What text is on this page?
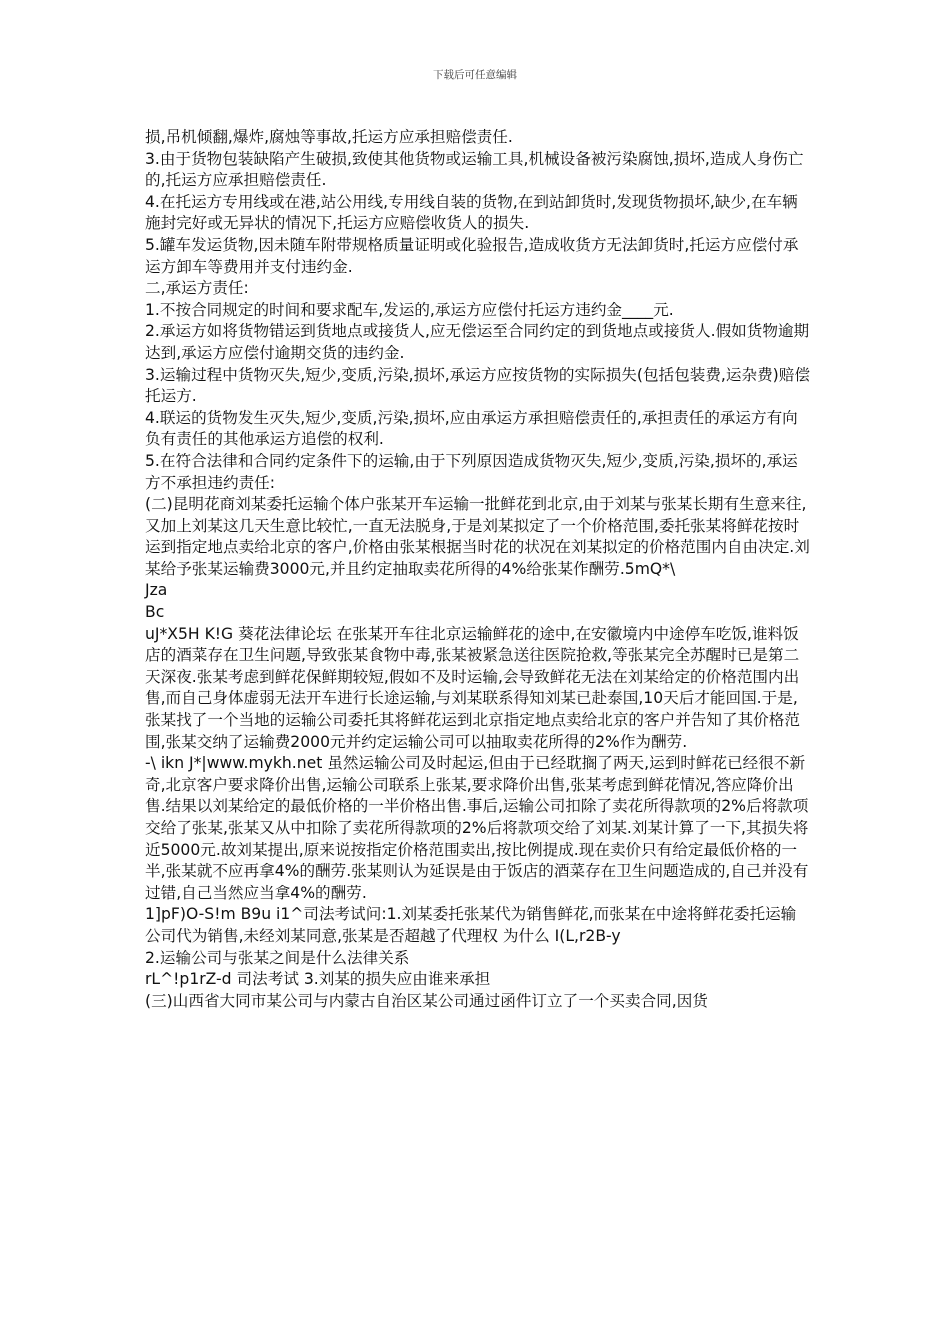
下载后可任意编辑

损,吊机倾翻,爆炸,腐烛等事故,托运方应承担赔偿责任.

3.由于货物包装缺陷产生破损,致使其他货物或运输工具,机械设备被污染腐蚀,损坏,造成人身伤亡的,托运方应承担赔偿责任.

4.在托运方专用线或在港,站公用线,专用线自装的货物,在到站卸货时,发现货物损坏,缺少,在车辆施封完好或无异状的情况下,托运方应赔偿收货人的损失.

5.罐车发运货物,因未随车附带规格质量证明或化验报告,造成收货方无法卸货时,托运方应偿付承运方卸车等费用并支付违约金.

二,承运方责任:

1.不按合同规定的时间和要求配车,发运的,承运方应偿付托运方违约金____元.

2.承运方如将货物错运到货地点或接货人,应无偿运至合同约定的到货地点或接货人.假如货物逾期达到,承运方应偿付逾期交货的违约金.

3.运输过程中货物灭失,短少,变质,污染,损坏,承运方应按货物的实际损失(包括包装费,运杂费)赔偿托运方.

4.联运的货物发生灭失,短少,变质,污染,损坏,应由承运方承担赔偿责任的,承担责任的承运方有向负有责任的其他承运方追偿的权利.

5.在符合法律和合同约定条件下的运输,由于下列原因造成货物灭失,短少,变质,污染,损坏的,承运方不承担违约责任:

(二)昆明花商刘某委托运输个体户张某开车运输一批鲜花到北京,由于刘某与张某长期有生意来往,又加上刘某这几天生意比较忙,一直无法脱身,于是刘某拟定了一个价格范围,委托张某将鲜花按时运到指定地点卖给北京的客户,价格由张某根据当时花的状况在刘某拟定的价格范围内自由决定.刘某给予张某运输费3000元,并且约定抽取卖花所得的4%给张某作酬劳.5mQ*\

Jza

Bc

uJ*X5H K!G 葵花法律论坛 在张某开车往北京运输鲜花的途中,在安徽境内中途停车吃饭,谁料饭店的酒菜存在卫生问题,导致张某食物中毒,张某被紧急送往医院抢救,等张某完全苏醒时已是第二天深夜.张某考虑到鲜花保鲜期较短,假如不及时运输,会导致鲜花无法在刘某给定的价格范围内出售,而自己身体虚弱无法开车进行长途运输,与刘某联系得知刘某已赴泰国,10天后才能回国.于是,张某找了一个当地的运输公司委托其将鲜花运到北京指定地点卖给北京的客户并告知了其价格范围,张某交纳了运输费2000元并约定运输公司可以抽取卖花所得的2%作为酬劳.

-\ ikn J*|www.mykh.net 虽然运输公司及时起运,但由于已经耽搁了两天,运到时鲜花已经很不新奇,北京客户要求降价出售,运输公司联系上张某,要求降价出售,张某考虑到鲜花情况,答应降价出售.结果以刘某给定的最低价格的一半价格出售.事后,运输公司扣除了卖花所得款项的2%后将款项交给了张某,张某又从中扣除了卖花所得款项的2%后将款项交给了刘某.刘某计算了一下,其损失将近5000元.故刘某提出,原来说按指定价格范围卖出,按比例提成.现在卖价只有给定最低价格的一半,张某就不应再拿4%的酬劳.张某则认为延误是由于饭店的酒菜存在卫生问题造成的,自己并没有过错,自己当然应当拿4%的酬劳.

1]pF)O-S!m B9u i1^司法考试问:1.刘某委托张某代为销售鲜花,而张某在中途将鲜花委托运输公司代为销售,未经刘某同意,张某是否超越了代理权 为什么 I(L,r2B-y

2.运输公司与张某之间是什么法律关系

rL^!p1rZ-d 司法考试 3.刘某的损失应由谁来承担

(三)山西省大同市某公司与内蒙古自治区某公司通过函件订立了一个买卖合同,因货
